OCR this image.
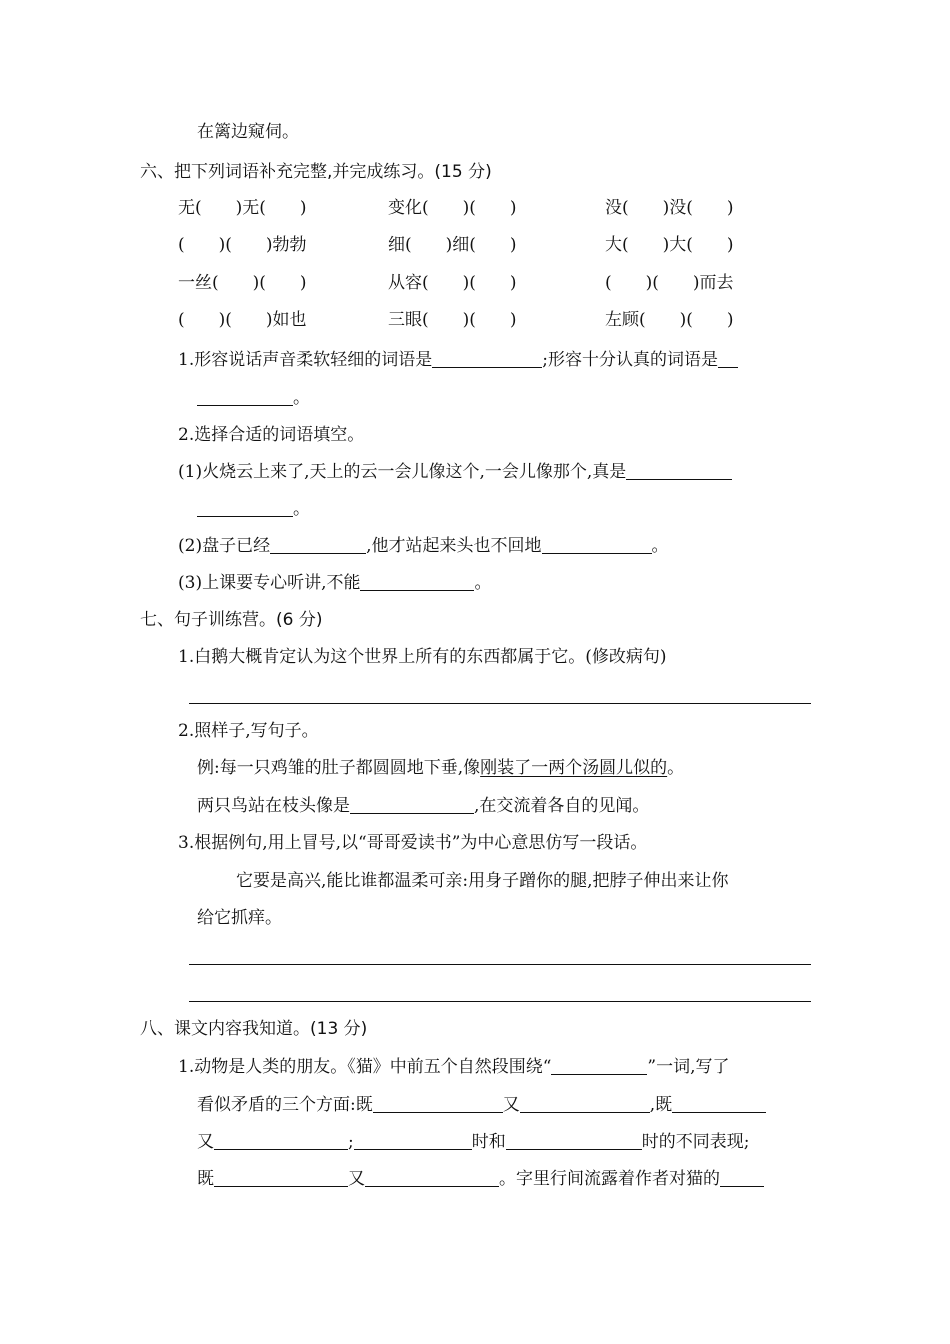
在篱边窥伺。
六、把下列词语补充完整,并完成练习。(15 分)
无(　　)无(　　)	变化(　　)(　　)	没(　　)没(　　)
(　　)(　　)勃勃	细(　　)细(　　)	大(　　)大(　　)
一丝(　　)(　　)	从容(　　)(　　)	(　　)(　　)而去
(　　)(　　)如也	三眼(　　)(　　)	左顾(　　)(　　)
1.形容说话声音柔软轻细的词语是	;形容十分认真的词语是
。
2.选择合适的词语填空。
(1)火烧云上来了,天上的云一会儿像这个,一会儿像那个,真是
。
(2)盘子已经	,他才站起来头也不回地	。
(3)上课要专心听讲,不能	。
七、句子训练营。(6 分)
1.白鹅大概肯定认为这个世界上所有的东西都属于它。(修改病句)
2.照样子,写句子。
例:每一只鸡雏的肚子都圆圆地下垂,像刚装了一两个汤圆儿似的。
两只鸟站在枝头像是	,在交流着各自的见闻。
3.根据例句,用上冒号,以“哥哥爱读书”为中心意思仿写一段话。
它要是高兴,能比谁都温柔可亲:用身子蹭你的腿,把脖子伸出来让你
给它抓痒。
八、课文内容我知道。(13 分)
1.动物是人类的朋友。《猫》中前五个自然段围绕“	”一词,写了
看似矛盾的三个方面:既	又	,既
又	;	时和	时的不同表现;
既	又	。字里行间流露着作者对猫的
